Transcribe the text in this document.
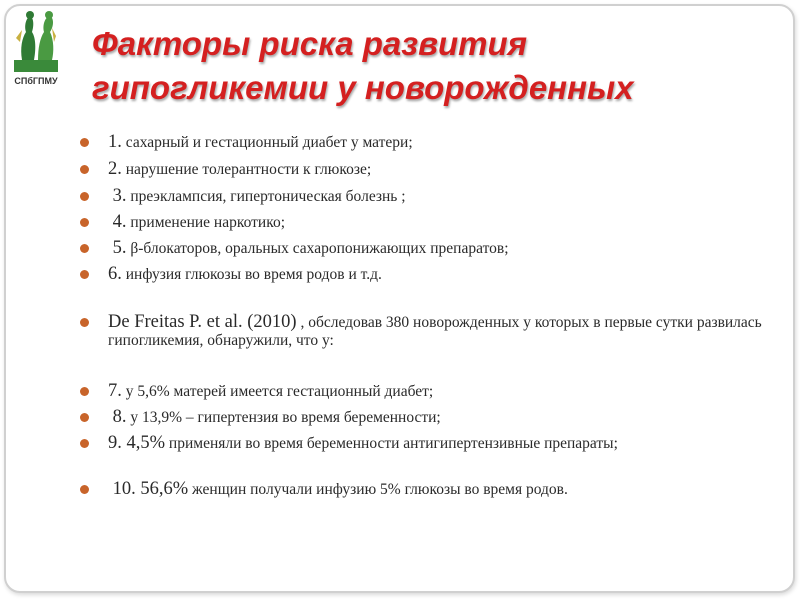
СПбГПМУ
Факторы риска развития
гипогликемии у новорожденных
1. сахарный и гестационный диабет у матери;
2. нарушение толерантности к глюкозе;
3. преэклампсия, гипертоническая болезнь ;
4. применение наркотико;
5. β-блокаторов, оральных сахаропонижающих препаратов;
6. инфузия глюкозы во время родов и т.д.
De Freitas P. et al. (2010) , обследовав 380 новорожденных у которых в первые сутки развилась гипогликемия, обнаружили, что у:
7. у 5,6% матерей имеется гестационный диабет;
8. у 13,9% – гипертензия во время беременности;
9. 4,5% применяли во время беременности антигипертензивные препараты;
10. 56,6% женщин получали инфузию 5% глюкозы во время родов.
